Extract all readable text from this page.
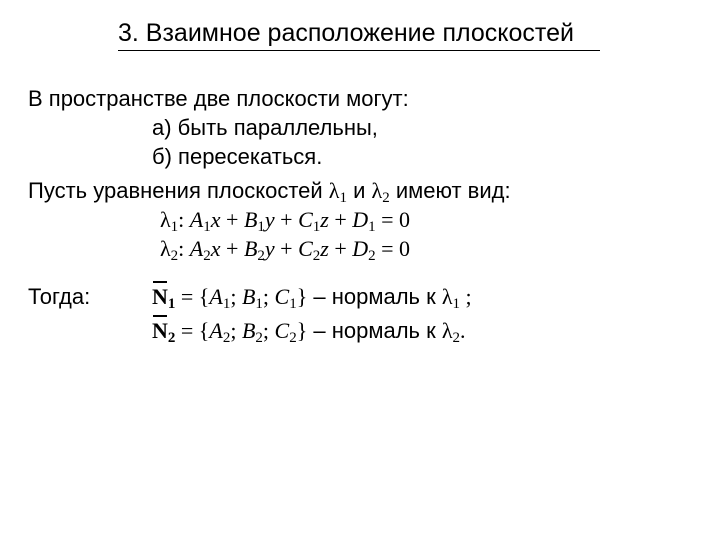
3. Взаимное расположение плоскостей
В пространстве две плоскости могут:
а) быть параллельны,
б) пересекаться.
Пусть уравнения плоскостей $\lambda_1$ и $\lambda_2$ имеют вид:
$\lambda_1$: $A_1x + B_1y + C_1z + D_1 = 0$
$\lambda_2$: $A_2x + B_2y + C_2z + D_2 = 0$
Тогда:	$N_1 = \{A_1$; $B_1$; $C_1$} – нормаль к $\lambda_1$ ;
$N_2 = \{A_2$; $B_2$; $C_2$} – нормаль к $\lambda_2$.
